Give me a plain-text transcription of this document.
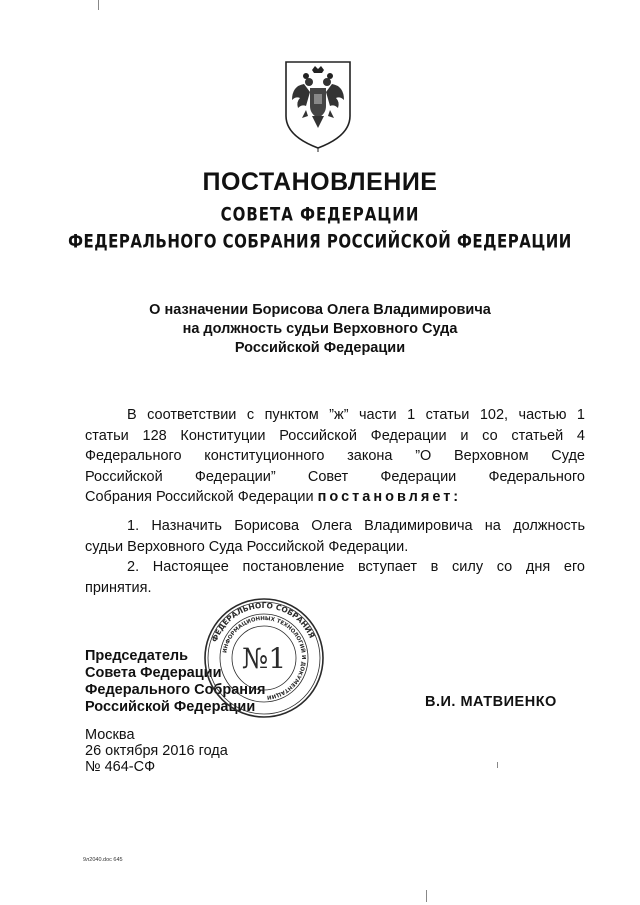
ПОСТАНОВЛЕНИЕ
СОВЕТА ФЕДЕРАЦИИ
ФЕДЕРАЛЬНОГО СОБРАНИЯ РОССИЙСКОЙ ФЕДЕРАЦИИ
О назначении Борисова Олега Владимировича
на должность судьи Верховного Суда
Российской Федерации
В соответствии с пунктом ”ж” части 1 статьи 102, частью 1
статьи 128 Конституции Российской Федерации и со статьей 4
Федерального конституционного закона ”О Верховном Суде
Российской Федерации” Совет Федерации Федерального
Собрания Российской Федерации постановляет:
1. Назначить Борисова Олега Владимировича на должность
судьи Верховного Суда Российской Федерации.
2. Настоящее постановление вступает в силу со дня его
принятия.
Председатель
Совета Федерации
Федерального Собрания
Российской Федерации
ФЕДЕРАЛЬНОГО СОБРАНИЯ
ИНФОРМАЦИОННЫХ ТЕХНОЛОГИЙ И ДОКУМЕНТАЦИИ
№1
В.И. МАТВИЕНКО
Москва
26 октября 2016 года
№ 464-СФ
9л2040.doc 645
